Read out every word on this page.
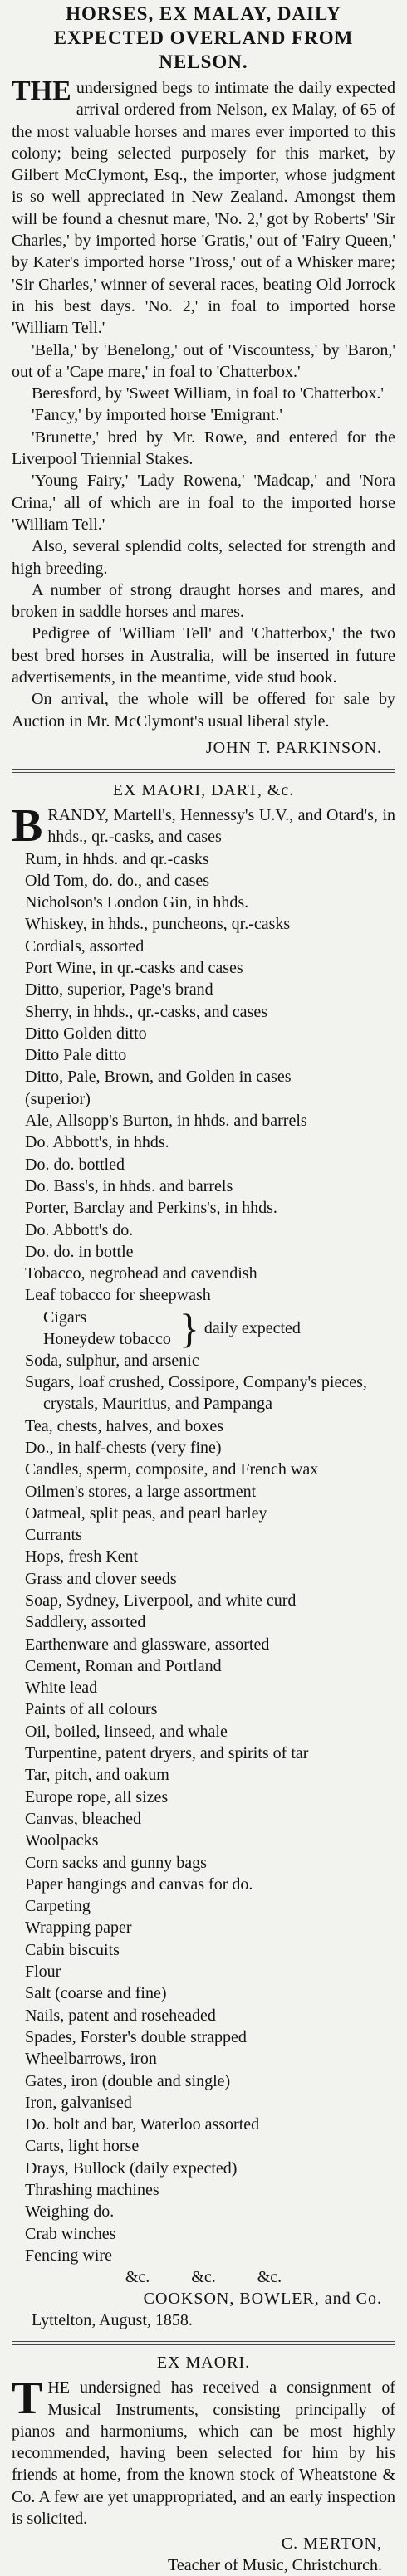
HORSES, EX MALAY, DAILY EXPECTED OVERLAND FROM NELSON.

THE undersigned begs to intimate the daily expected arrival ordered from Nelson, ex Malay, of 65 of the most valuable horses and mares ever imported to this colony; being selected purposely for this market, by Gilbert McClymont, Esq., the importer, whose judgment is so well appreciated in New Zealand. Amongst them will be found a chesnut mare, 'No. 2,' got by Roberts' 'Sir Charles,' by imported horse 'Gratis,' out of 'Fairy Queen,' by Kater's imported horse 'Tross,' out of a Whisker mare; 'Sir Charles,' winner of several races, beating Old Jorrock in his best days. 'No. 2,' in foal to imported horse 'William Tell.'

'Bella,' by 'Benelong,' out of 'Viscountess,' by 'Baron,' out of a 'Cape mare,' in foal to 'Chatterbox.'

Beresford, by 'Sweet William, in foal to 'Chatterbox.'

'Fancy,' by imported horse 'Emigrant.'

'Brunette,' bred by Mr. Rowe, and entered for the Liverpool Triennial Stakes.

'Young Fairy,' 'Lady Rowena,' 'Madcap,' and 'Nora Crina,' all of which are in foal to the imported horse 'William Tell.'

Also, several splendid colts, selected for strength and high breeding.

A number of strong draught horses and mares, and broken in saddle horses and mares.

Pedigree of 'William Tell' and 'Chatterbox,' the two best bred horses in Australia, will be inserted in future advertisements, in the meantime, vide stud book.

On arrival, the whole will be offered for sale by Auction in Mr. McClymont's usual liberal style.

JOHN T. PARKINSON.
EX MAORI, DART, &c.

BRANDY, Martell's, Hennessy's U.V., and Otard's, in hhds., qr.-casks, and cases

Rum, in hhds. and qr.-casks
Old Tom, do. do., and cases
Nicholson's London Gin, in hhds.
Whiskey, in hhds., puncheons, qr.-casks
Cordials, assorted
Port Wine, in qr.-casks and cases
Ditto, superior, Page's brand
Sherry, in hhds., qr.-casks, and cases
Ditto Golden ditto
Ditto Pale ditto
Ditto, Pale, Brown, and Golden in cases
(superior)
Ale, Allsopp's Burton, in hhds. and barrels
Do. Abbott's, in hhds.
Do. do. bottled
Do. Bass's, in hhds. and barrels
Porter, Barclay and Perkins's, in hhds.
Do. Abbott's do.
Do. do. in bottle
Tobacco, negrohead and cavendish
Leaf tobacco for sheepwash
Cigars
Honeydew tobacco } daily expected
Soda, sulphur, and arsenic
Sugars, loaf crushed, Cossipore, Company's pieces, crystals, Mauritius, and Pampanga
Tea, chests, halves, and boxes
Do., in half-chests (very fine)
Candles, sperm, composite, and French wax
Oilmen's stores, a large assortment
Oatmeal, split peas, and pearl barley
Currants
Hops, fresh Kent
Grass and clover seeds
Soap, Sydney, Liverpool, and white curd
Saddlery, assorted
Earthenware and glassware, assorted
Cement, Roman and Portland
White lead
Paints of all colours
Oil, boiled, linseed, and whale
Turpentine, patent dryers, and spirits of tar
Tar, pitch, and oakum
Europe rope, all sizes
Canvas, bleached
Woolpacks
Corn sacks and gunny bags
Paper hangings and canvas for do.
Carpeting
Wrapping paper
Cabin biscuits
Flour
Salt (coarse and fine)
Nails, patent and roseheaded
Spades, Forster's double strapped
Wheelbarrows, iron
Gates, iron (double and single)
Iron, galvanised
Do. bolt and bar, Waterloo assorted
Carts, light horse
Drays, Bullock (daily expected)
Thrashing machines
Weighing do.
Crab winches
Fencing wire
&c.          &c.          &c.
COOKSON, BOWLER, and Co.
Lyttelton, August, 1858.
EX MAORI.

THE undersigned has received a consignment of Musical Instruments, consisting principally of pianos and harmoniums, which can be most highly recommended, having been selected for him by his friends at home, from the known stock of Wheatstone & Co. A few are yet unappropriated, and an early inspection is solicited.

C. MERTON,
Teacher of Music, Christchurch.
